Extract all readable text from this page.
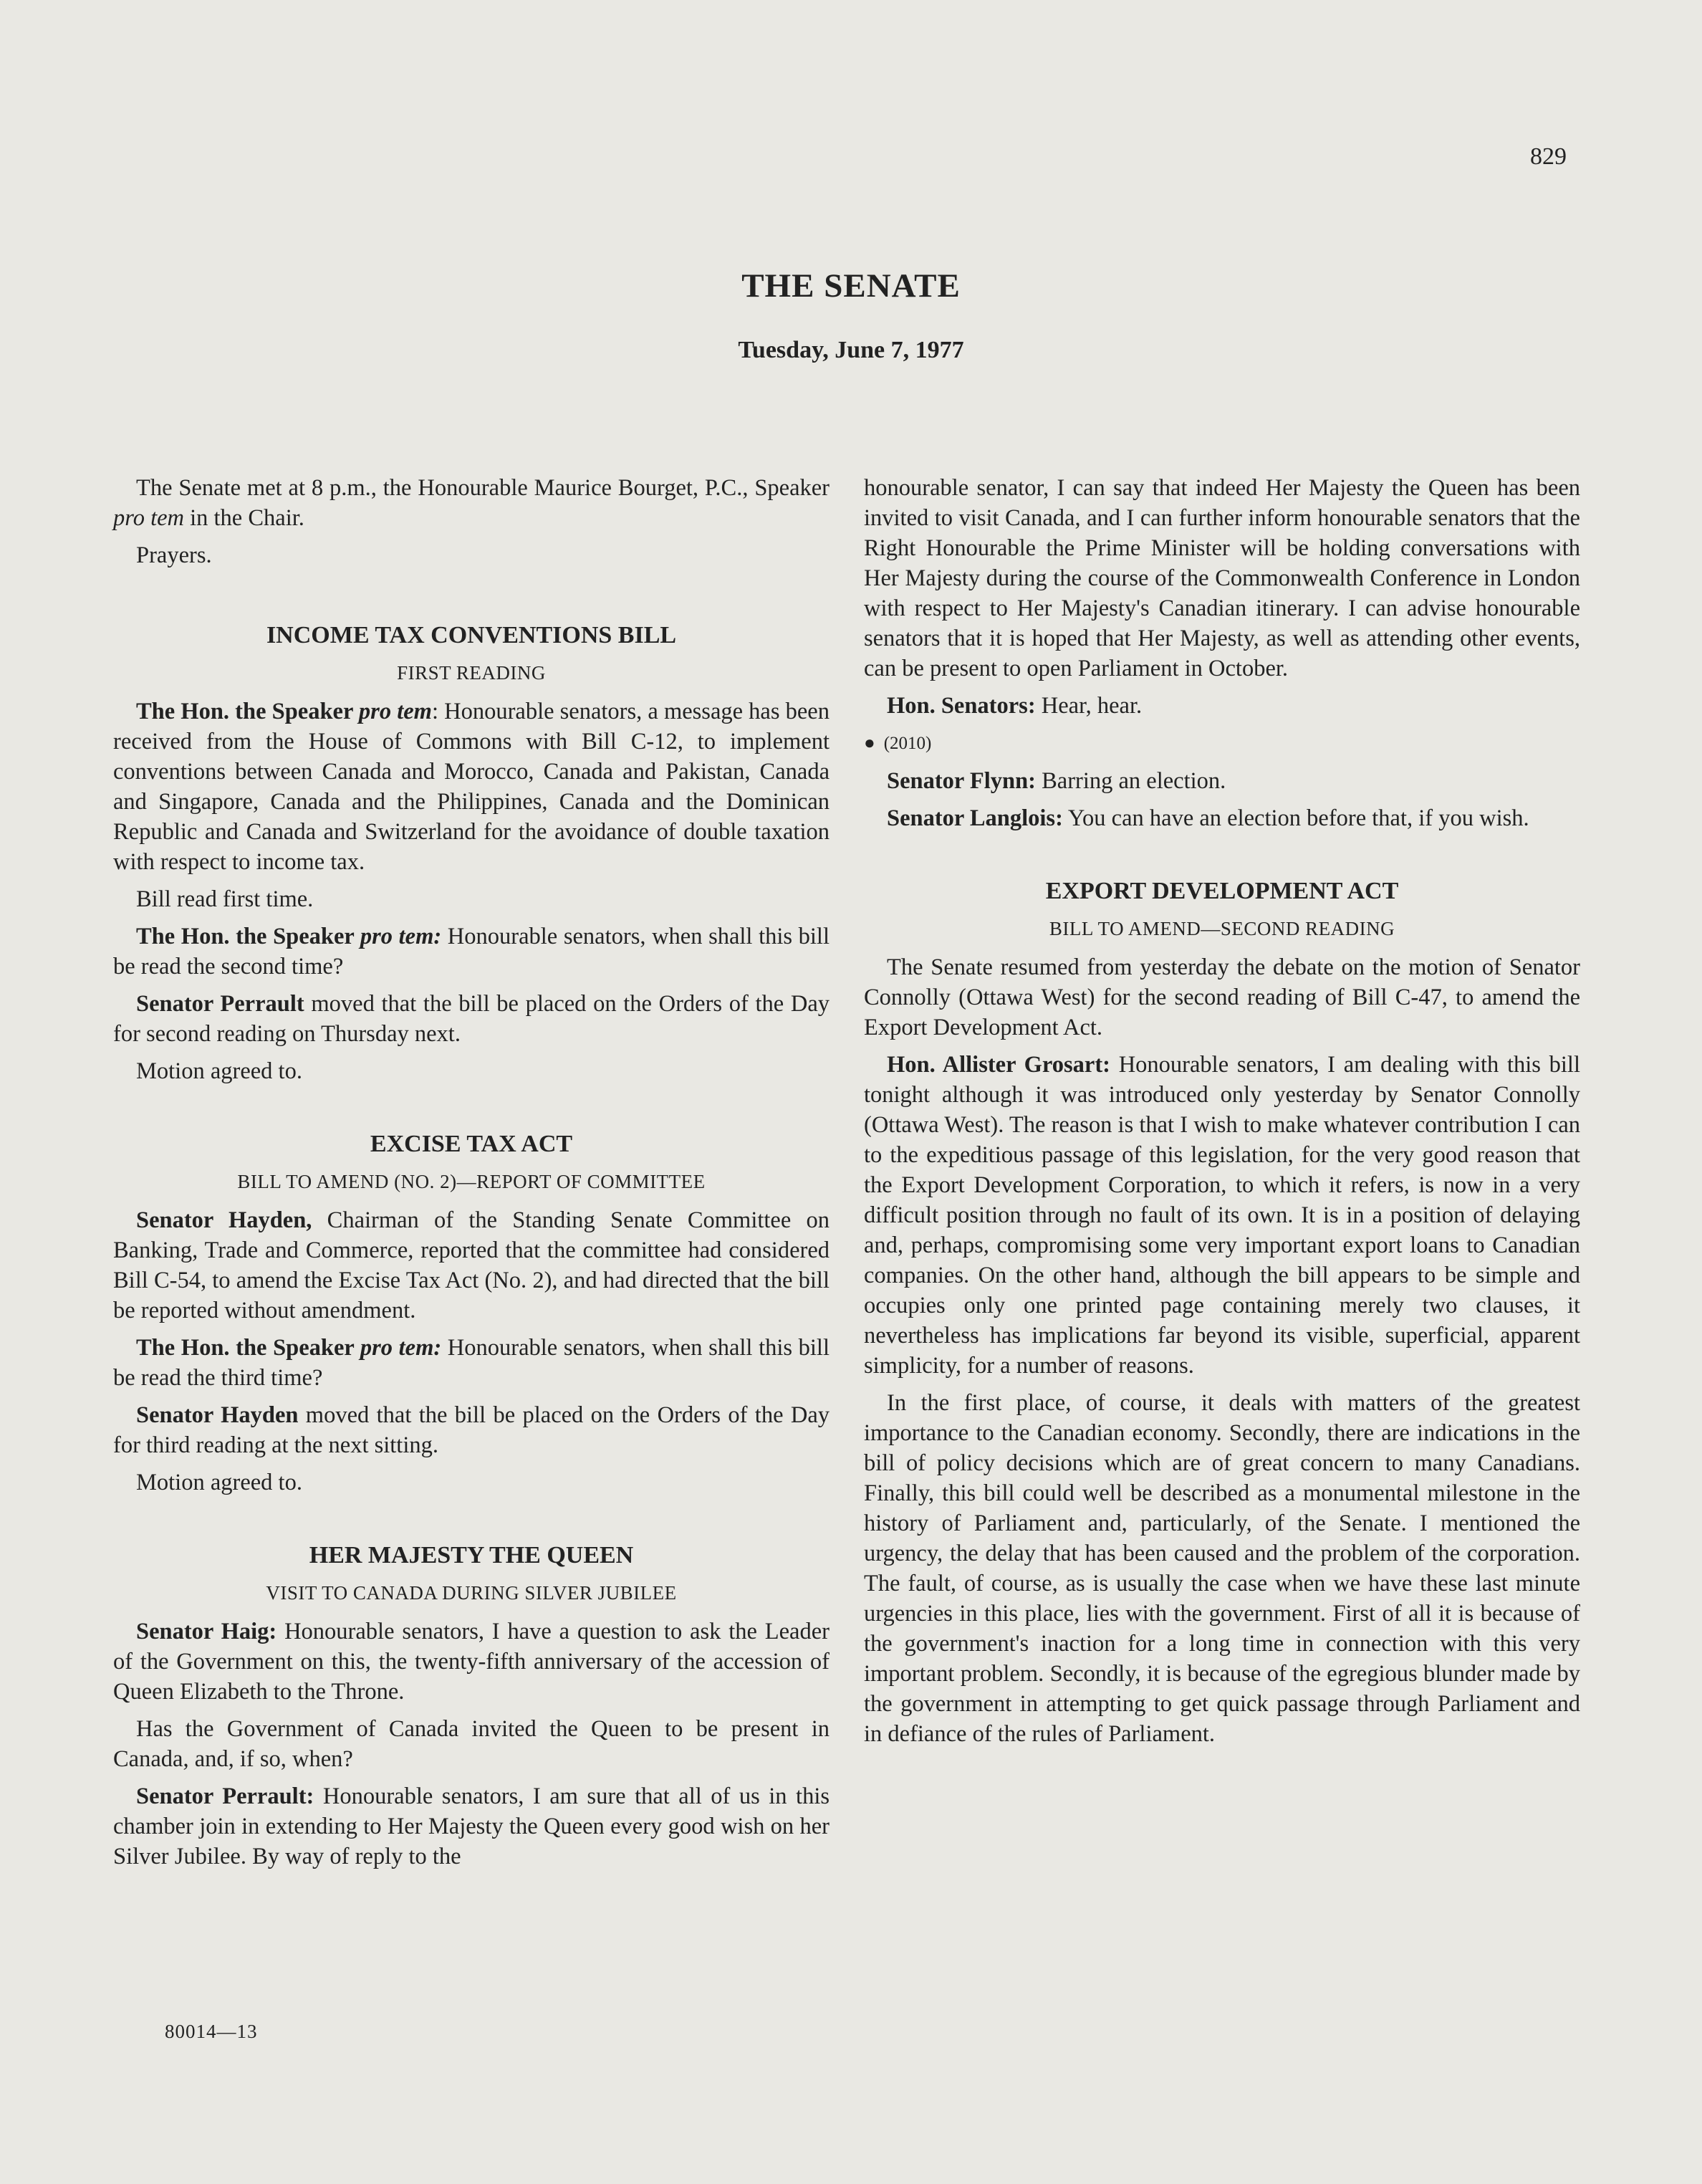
829
THE SENATE
Tuesday, June 7, 1977

The Senate met at 8 p.m., the Honourable Maurice Bourget, P.C., Speaker pro tem in the Chair.

Prayers.

INCOME TAX CONVENTIONS BILL
FIRST READING

The Hon. the Speaker pro tem: Honourable senators, a message has been received from the House of Commons with Bill C-12, to implement conventions between Canada and Morocco, Canada and Pakistan, Canada and Singapore, Canada and the Philippines, Canada and the Dominican Republic and Canada and Switzerland for the avoidance of double taxation with respect to income tax.

Bill read first time.

The Hon. the Speaker pro tem: Honourable senators, when shall this bill be read the second time?

Senator Perrault moved that the bill be placed on the Orders of the Day for second reading on Thursday next.

Motion agreed to.

EXCISE TAX ACT
BILL TO AMEND (NO. 2)—REPORT OF COMMITTEE

Senator Hayden, Chairman of the Standing Senate Committee on Banking, Trade and Commerce, reported that the committee had considered Bill C-54, to amend the Excise Tax Act (No. 2), and had directed that the bill be reported without amendment.

The Hon. the Speaker pro tem: Honourable senators, when shall this bill be read the third time?

Senator Hayden moved that the bill be placed on the Orders of the Day for third reading at the next sitting.

Motion agreed to.

HER MAJESTY THE QUEEN
VISIT TO CANADA DURING SILVER JUBILEE

Senator Haig: Honourable senators, I have a question to ask the Leader of the Government on this, the twenty-fifth anniversary of the accession of Queen Elizabeth to the Throne.

Has the Government of Canada invited the Queen to be present in Canada, and, if so, when?

Senator Perrault: Honourable senators, I am sure that all of us in this chamber join in extending to Her Majesty the Queen every good wish on her Silver Jubilee. By way of reply to the

honourable senator, I can say that indeed Her Majesty the Queen has been invited to visit Canada, and I can further inform honourable senators that the Right Honourable the Prime Minister will be holding conversations with Her Majesty during the course of the Commonwealth Conference in London with respect to Her Majesty's Canadian itinerary. I can advise honourable senators that it is hoped that Her Majesty, as well as attending other events, can be present to open Parliament in October.

Hon. Senators: Hear, hear.

● (2010)

Senator Flynn: Barring an election.

Senator Langlois: You can have an election before that, if you wish.

EXPORT DEVELOPMENT ACT
BILL TO AMEND—SECOND READING

The Senate resumed from yesterday the debate on the motion of Senator Connolly (Ottawa West) for the second reading of Bill C-47, to amend the Export Development Act.

Hon. Allister Grosart: Honourable senators, I am dealing with this bill tonight although it was introduced only yesterday by Senator Connolly (Ottawa West). The reason is that I wish to make whatever contribution I can to the expeditious passage of this legislation, for the very good reason that the Export Development Corporation, to which it refers, is now in a very difficult position through no fault of its own. It is in a position of delaying and, perhaps, compromising some very important export loans to Canadian companies. On the other hand, although the bill appears to be simple and occupies only one printed page containing merely two clauses, it nevertheless has implications far beyond its visible, superficial, apparent simplicity, for a number of reasons.

In the first place, of course, it deals with matters of the greatest importance to the Canadian economy. Secondly, there are indications in the bill of policy decisions which are of great concern to many Canadians. Finally, this bill could well be described as a monumental milestone in the history of Parliament and, particularly, of the Senate. I mentioned the urgency, the delay that has been caused and the problem of the corporation. The fault, of course, as is usually the case when we have these last minute urgencies in this place, lies with the government. First of all it is because of the government's inaction for a long time in connection with this very important problem. Secondly, it is because of the egregious blunder made by the government in attempting to get quick passage through Parliament and in defiance of the rules of Parliament.

80014—13
